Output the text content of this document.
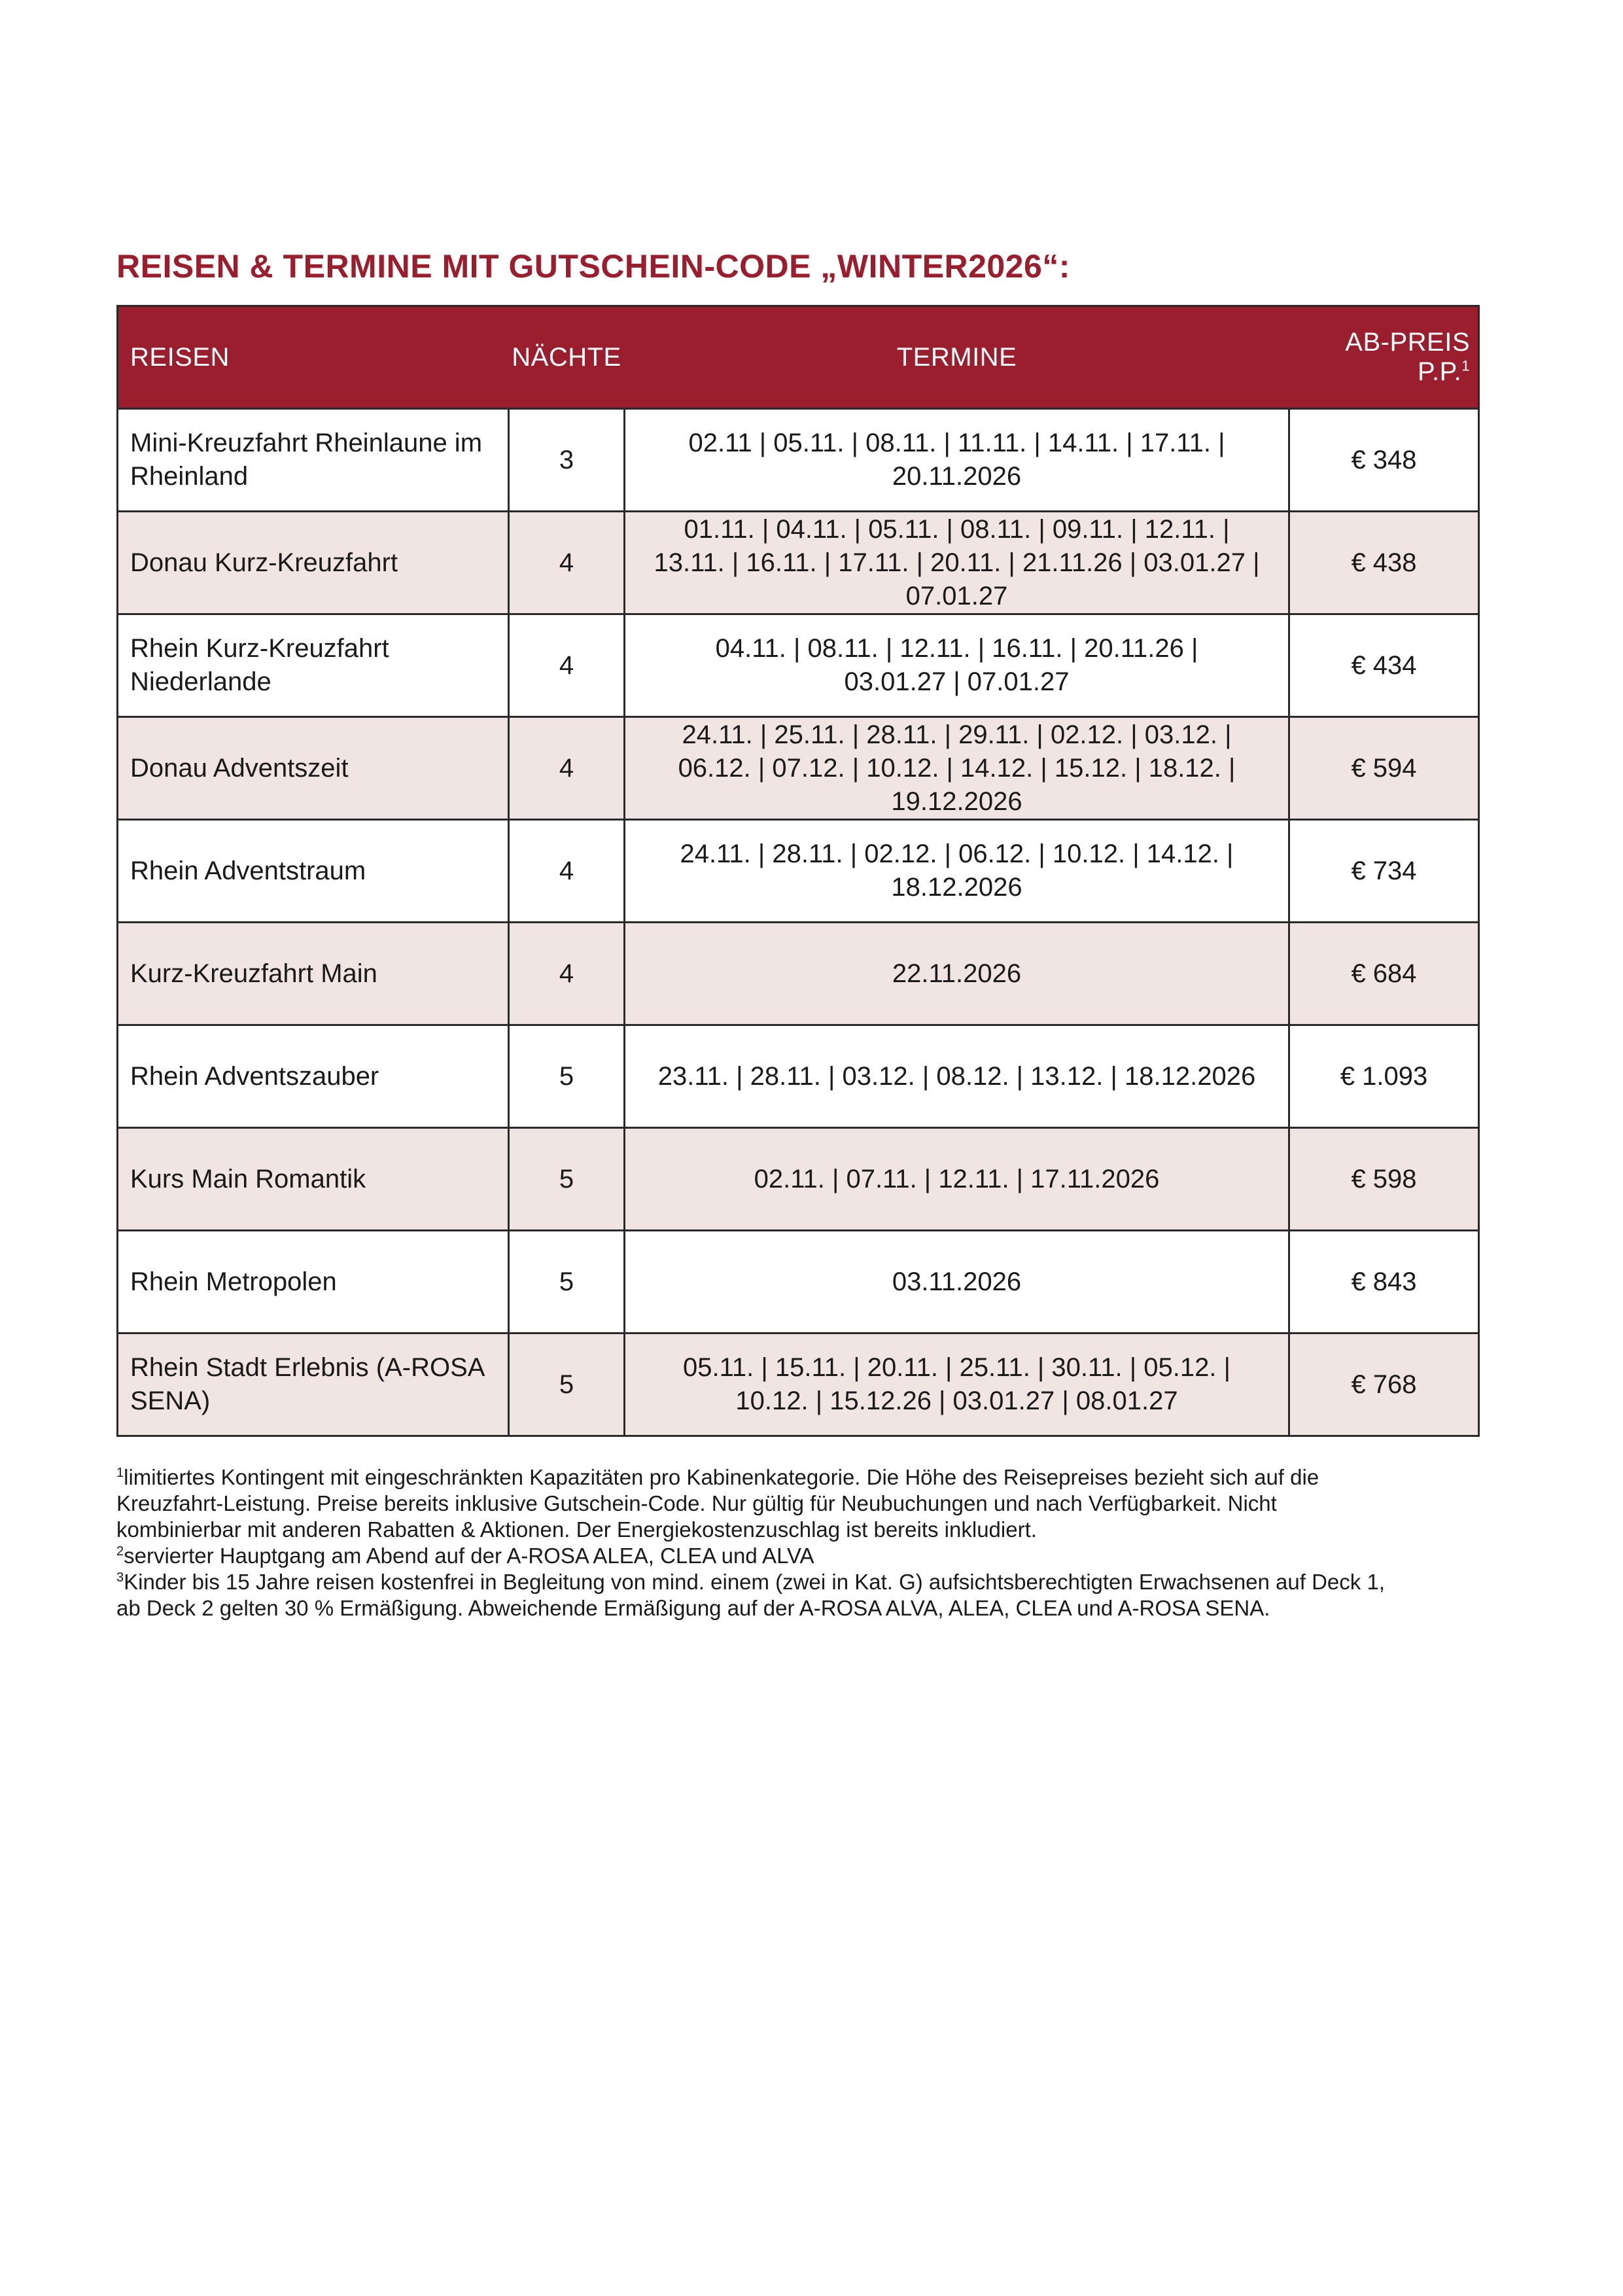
REISEN & TERMINE MIT GUTSCHEIN-CODE „WINTER2026“:
REISEN	NÄCHTE	TERMINE	AB-PREIS P.P.$^1$
Mini-Kreuzfahrt Rheinlaune im Rheinland	3	02.11 | 05.11. | 08.11. | 11.11. | 14.11. | 17.11. |
20.11.2026	€ 348
Donau Kurz-Kreuzfahrt	4	01.11. | 04.11. | 05.11. | 08.11. | 09.11. | 12.11. |
13.11. | 16.11. | 17.11. | 20.11. | 21.11.26 | 03.01.27 |
07.01.27	€ 438
Rhein Kurz-Kreuzfahrt Niederlande	4	04.11. | 08.11. | 12.11. | 16.11. | 20.11.26 |
03.01.27 | 07.01.27	€ 434
Donau Adventszeit	4	24.11. | 25.11. | 28.11. | 29.11. | 02.12. | 03.12. |
06.12. | 07.12. | 10.12. | 14.12. | 15.12. | 18.12. |
19.12.2026	€ 594
Rhein Adventstraum	4	24.11. | 28.11. | 02.12. | 06.12. | 10.12. | 14.12. |
18.12.2026	€ 734
Kurz-Kreuzfahrt Main	4	22.11.2026	€ 684
Rhein Adventszauber	5	23.11. | 28.11. | 03.12. | 08.12. | 13.12. | 18.12.2026	€ 1.093
Kurs Main Romantik	5	02.11. | 07.11. | 12.11. | 17.11.2026	€ 598
Rhein Metropolen	5	03.11.2026	€ 843
Rhein Stadt Erlebnis (A-ROSA SENA)	5	05.11. | 15.11. | 20.11. | 25.11. | 30.11. | 05.12. |
10.12. | 15.12.26 | 03.01.27 | 08.01.27	€ 768

$^1$limitiertes Kontingent mit eingeschränkten Kapazitäten pro Kabinenkategorie. Die Höhe des Reisepreises bezieht sich auf die
Kreuzfahrt-Leistung. Preise bereits inklusive Gutschein-Code. Nur gültig für Neubuchungen und nach Verfügbarkeit. Nicht
kombinierbar mit anderen Rabatten & Aktionen. Der Energiekostenzuschlag ist bereits inkludiert.

$^2$servierter Hauptgang am Abend auf der A-ROSA ALEA, CLEA und ALVA

$^3$Kinder bis 15 Jahre reisen kostenfrei in Begleitung von mind. einem (zwei in Kat. G) aufsichtsberechtigten Erwachsenen auf Deck 1,
ab Deck 2 gelten 30 % Ermäßigung. Abweichende Ermäßigung auf der A-ROSA ALVA, ALEA, CLEA und A-ROSA SENA.
